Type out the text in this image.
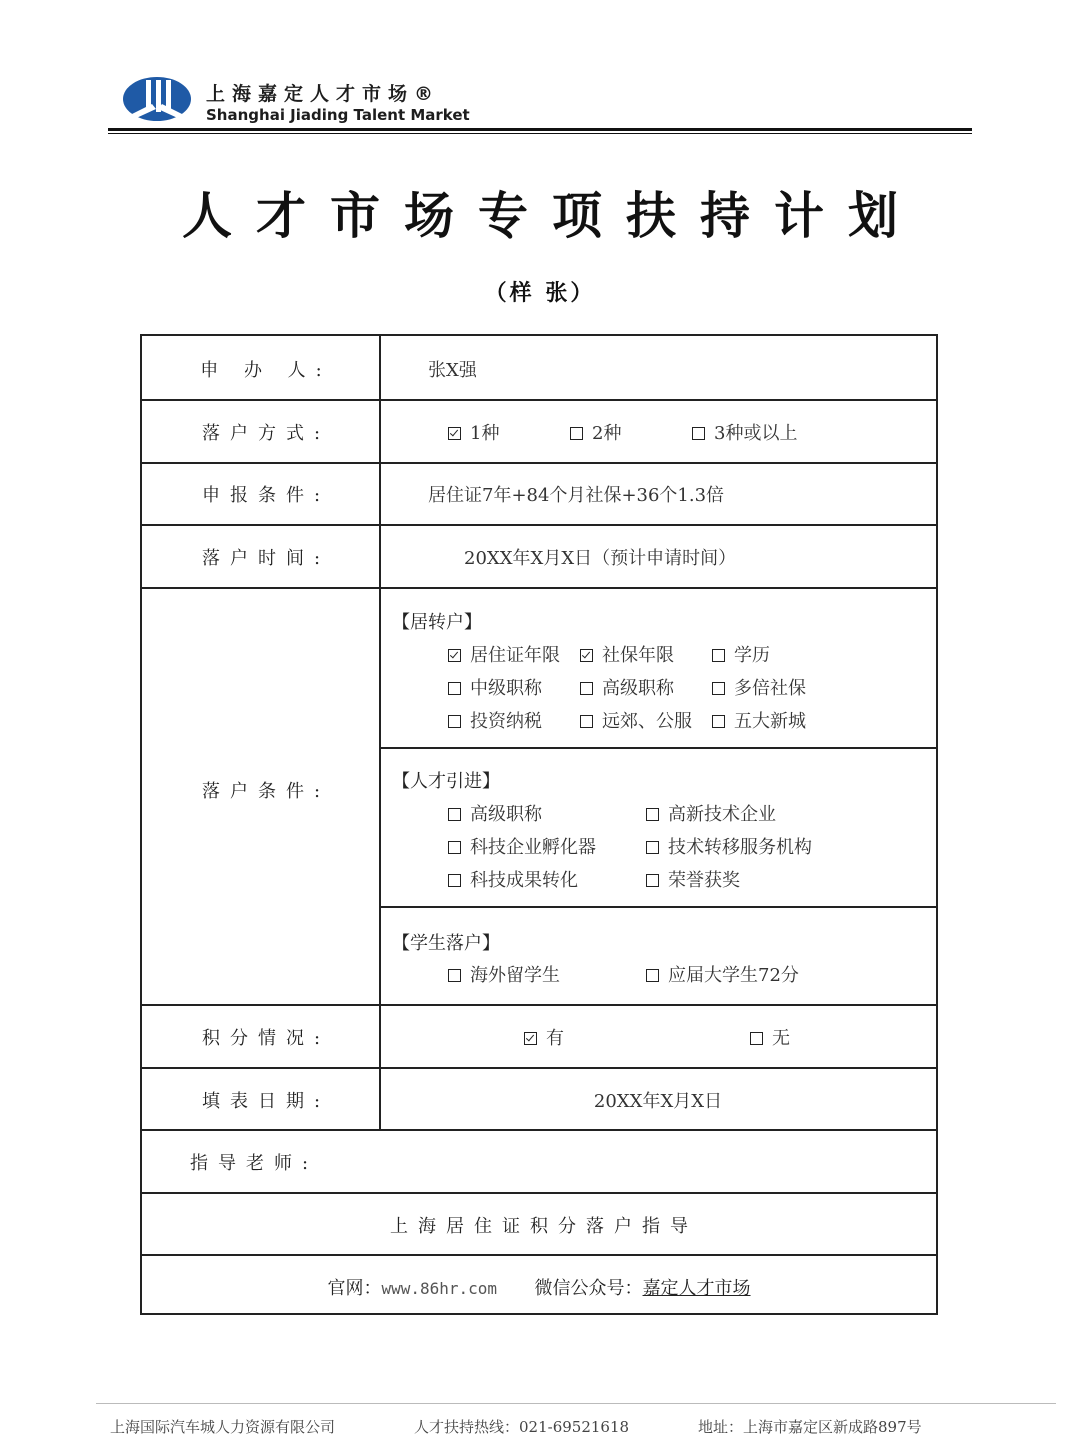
上海嘉定人才市场®
Shanghai Jiading Talent Market
人才市场专项扶持计划
（样 张）
申 办 人:	张X强
落户方式:	1种	2种	3种或以上
申报条件:	居住证7年+84个月社保+36个1.3倍
落户时间:	20XX年X月X日（预计申请时间）
落户条件:
【居转户】
居住证年限	社保年限	学历
中级职称	高级职称	多倍社保
投资纳税	远郊、公服	五大新城
【人才引进】
高级职称	高新技术企业
科技企业孵化器	技术转移服务机构
科技成果转化	荣誉获奖
【学生落户】
海外留学生	应届大学生72分
积分情况:	有	无
填表日期:	20XX年X月X日
指导老师:
上海居住证积分落户指导
官网：www.86hr.com 微信公众号：嘉定人才市场
上海国际汽车城人力资源有限公司	人才扶持热线：021-69521618	地址：上海市嘉定区新成路897号
